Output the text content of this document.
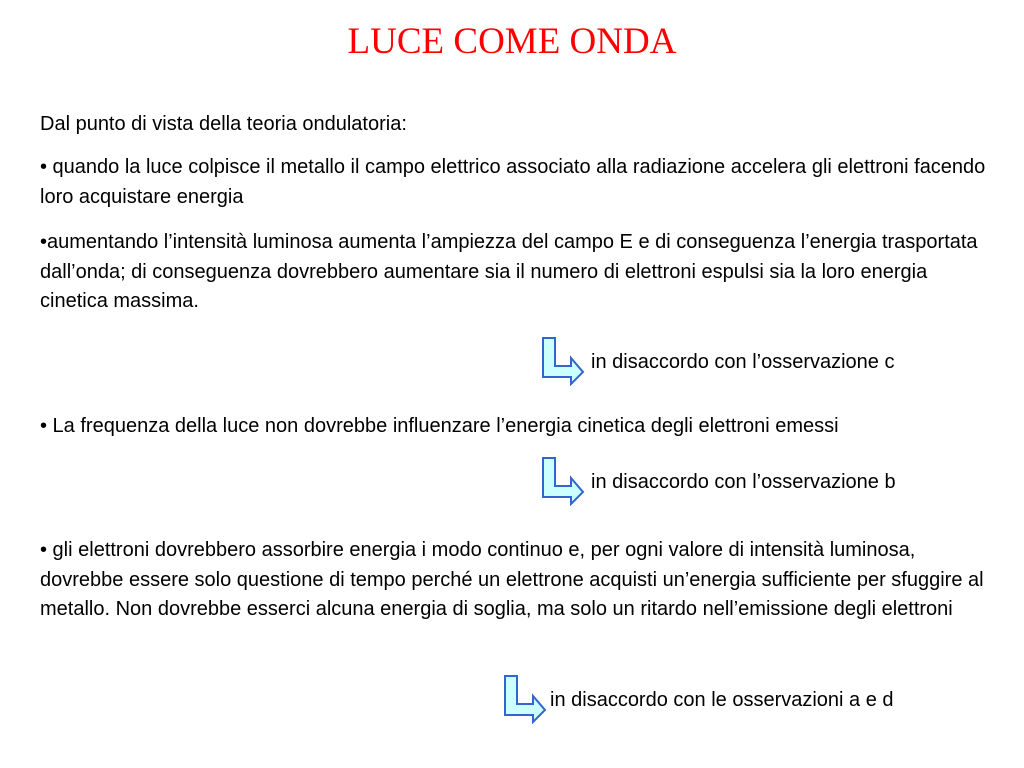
LUCE COME ONDA

Dal punto di vista della teoria ondulatoria:

• quando la luce colpisce il metallo il campo elettrico associato alla radiazione accelera gli elettroni facendo loro acquistare energia

•aumentando l’intensità luminosa aumenta l’ampiezza del campo E e di conseguenza l’energia trasportata dall’onda; di conseguenza dovrebbero aumentare sia il numero di elettroni espulsi sia la loro energia cinetica massima.

in disaccordo con l’osservazione c

• La frequenza della luce non dovrebbe influenzare l’energia cinetica degli elettroni emessi

in disaccordo con l’osservazione b

• gli elettroni dovrebbero assorbire energia i modo continuo e, per ogni valore di intensità luminosa, dovrebbe essere solo questione di tempo perché un elettrone acquisti un’energia sufficiente per sfuggire al metallo. Non dovrebbe esserci alcuna energia di soglia, ma solo un ritardo nell’emissione degli elettroni

in disaccordo con le osservazioni a e d
